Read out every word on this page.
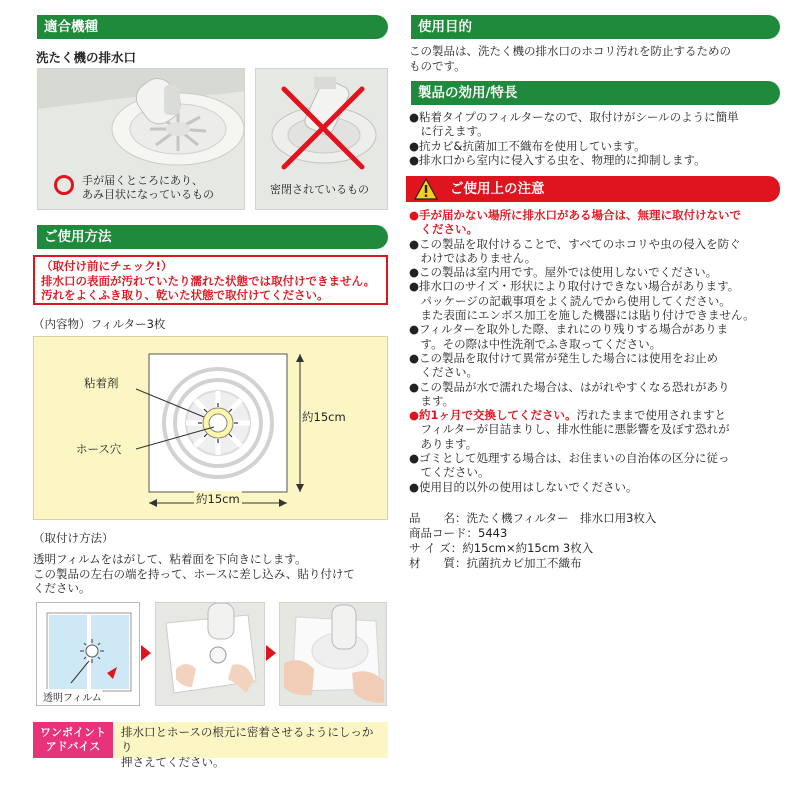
適合機種
洗たく機の排水口
手が届くところにあり、
あみ目状になっているもの	密閉されているもの
ご使用方法
（取付け前にチェック!）
排水口の表面が汚れていたり濡れた状態では取付けできません。
汚れをよくふき取り、乾いた状態で取付けてください。
（内容物）フィルター3枚
粘着剤
ホース穴
約15cm
約15cm
（取付け方法）
透明フィルムをはがして、粘着面を下向きにします。
この製品の左右の端を持って、ホースに差し込み、貼り付けて
ください。
透明フィルム
ワンポイント
アドバイス
排水口とホースの根元に密着させるようにしっかり
押さえてください。
使用目的
この製品は、洗たく機の排水口のホコリ汚れを防止するための
ものです。
製品の効用/特長
●粘着タイプのフィルターなので、取付けがシールのように簡単
　に行えます。
●抗カビ&抗菌加工不織布を使用しています。
●排水口から室内に侵入する虫を、物理的に抑制します。
ご使用上の注意
●手が届かない場所に排水口がある場合は、無理に取付けないで
　ください。
●この製品を取付けることで、すべてのホコリや虫の侵入を防ぐ
　わけではありません。
●この製品は室内用です。屋外では使用しないでください。
●排水口のサイズ・形状により取付けできない場合があります。
　パッケージの記載事項をよく読んでから使用してください。
　また表面にエンボス加工を施した機器には貼り付けできません。
●フィルターを取外した際、まれにのり残りする場合がありま
　す。その際は中性洗剤でふき取ってください。
●この製品を取付けて異常が発生した場合には使用をお止め
　ください。
●この製品が水で濡れた場合は、はがれやすくなる恐れがあり
　ます。
●約1ヶ月で交換してください。汚れたままで使用されますと
　フィルターが目詰まりし、排水性能に悪影響を及ぼす恐れが
　あります。
●ゴミとして処理する場合は、お住まいの自治体の区分に従っ
　てください。
●使用目的以外の使用はしないでください。
品　　名：洗たく機フィルター　排水口用3枚入
商品コード：5443
サ イ ズ：約15cm×約15cm 3枚入
材　　質：抗菌抗カビ加工不織布
